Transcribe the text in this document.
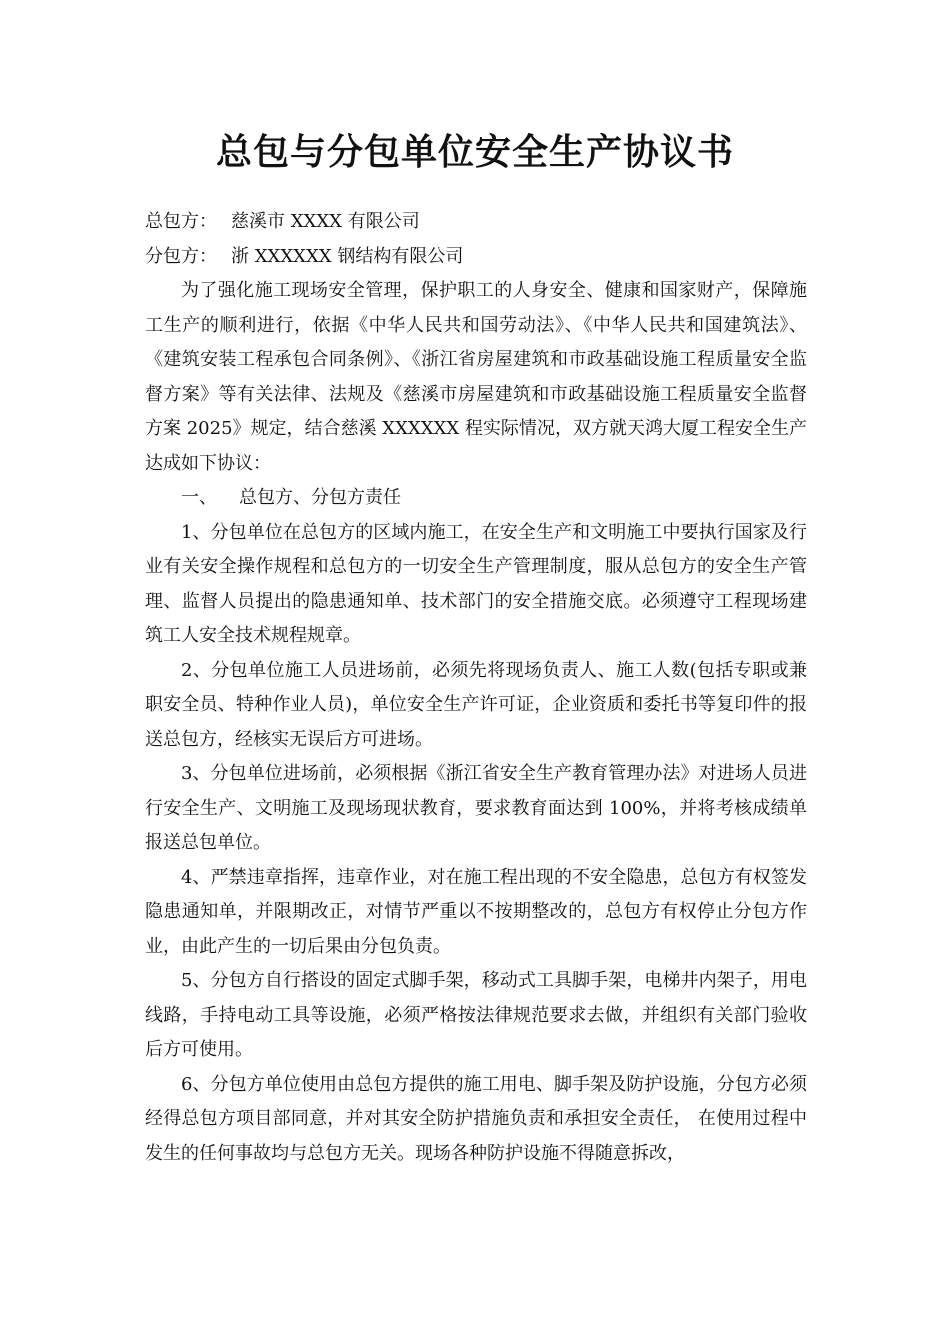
总包与分包单位安全生产协议书

总包方： 慈溪市 XXXX 有限公司

分包方： 浙 XXXXXX 钢结构有限公司

为了强化施工现场安全管理，保护职工的人身安全、健康和国家财产，保障施工生产的顺利进行，依据《中华人民共和国劳动法》、《中华人民共和国建筑法》、《建筑安装工程承包合同条例》、《浙江省房屋建筑和市政基础设施工程质量安全监督方案》等有关法律、法规及《慈溪市房屋建筑和市政基础设施工程质量安全监督方案 2025》规定，结合慈溪 XXXXXX 程实际情况，双方就天鸿大厦工程安全生产达成如下协议：

一、 总包方、分包方责任

1、分包单位在总包方的区域内施工，在安全生产和文明施工中要执行国家及行业有关安全操作规程和总包方的一切安全生产管理制度，服从总包方的安全生产管理、监督人员提出的隐患通知单、技术部门的安全措施交底。必须遵守工程现场建筑工人安全技术规程规章。

2、分包单位施工人员进场前，必须先将现场负责人、施工人数(包括专职或兼职安全员、特种作业人员)，单位安全生产许可证，企业资质和委托书等复印件的报送总包方，经核实无误后方可进场。

3、分包单位进场前，必须根据《浙江省安全生产教育管理办法》对进场人员进行安全生产、文明施工及现场现状教育，要求教育面达到 100%，并将考核成绩单报送总包单位。

4、严禁违章指挥，违章作业，对在施工程出现的不安全隐患，总包方有权签发隐患通知单，并限期改正，对情节严重以不按期整改的，总包方有权停止分包方作业，由此产生的一切后果由分包负责。

5、分包方自行搭设的固定式脚手架，移动式工具脚手架，电梯井内架子，用电线路，手持电动工具等设施，必须严格按法律规范要求去做，并组织有关部门验收后方可使用。

6、分包方单位使用由总包方提供的施工用电、脚手架及防护设施，分包方必须经得总包方项目部同意，并对其安全防护措施负责和承担安全责任， 在使用过程中发生的任何事故均与总包方无关。现场各种防护设施不得随意拆改，
